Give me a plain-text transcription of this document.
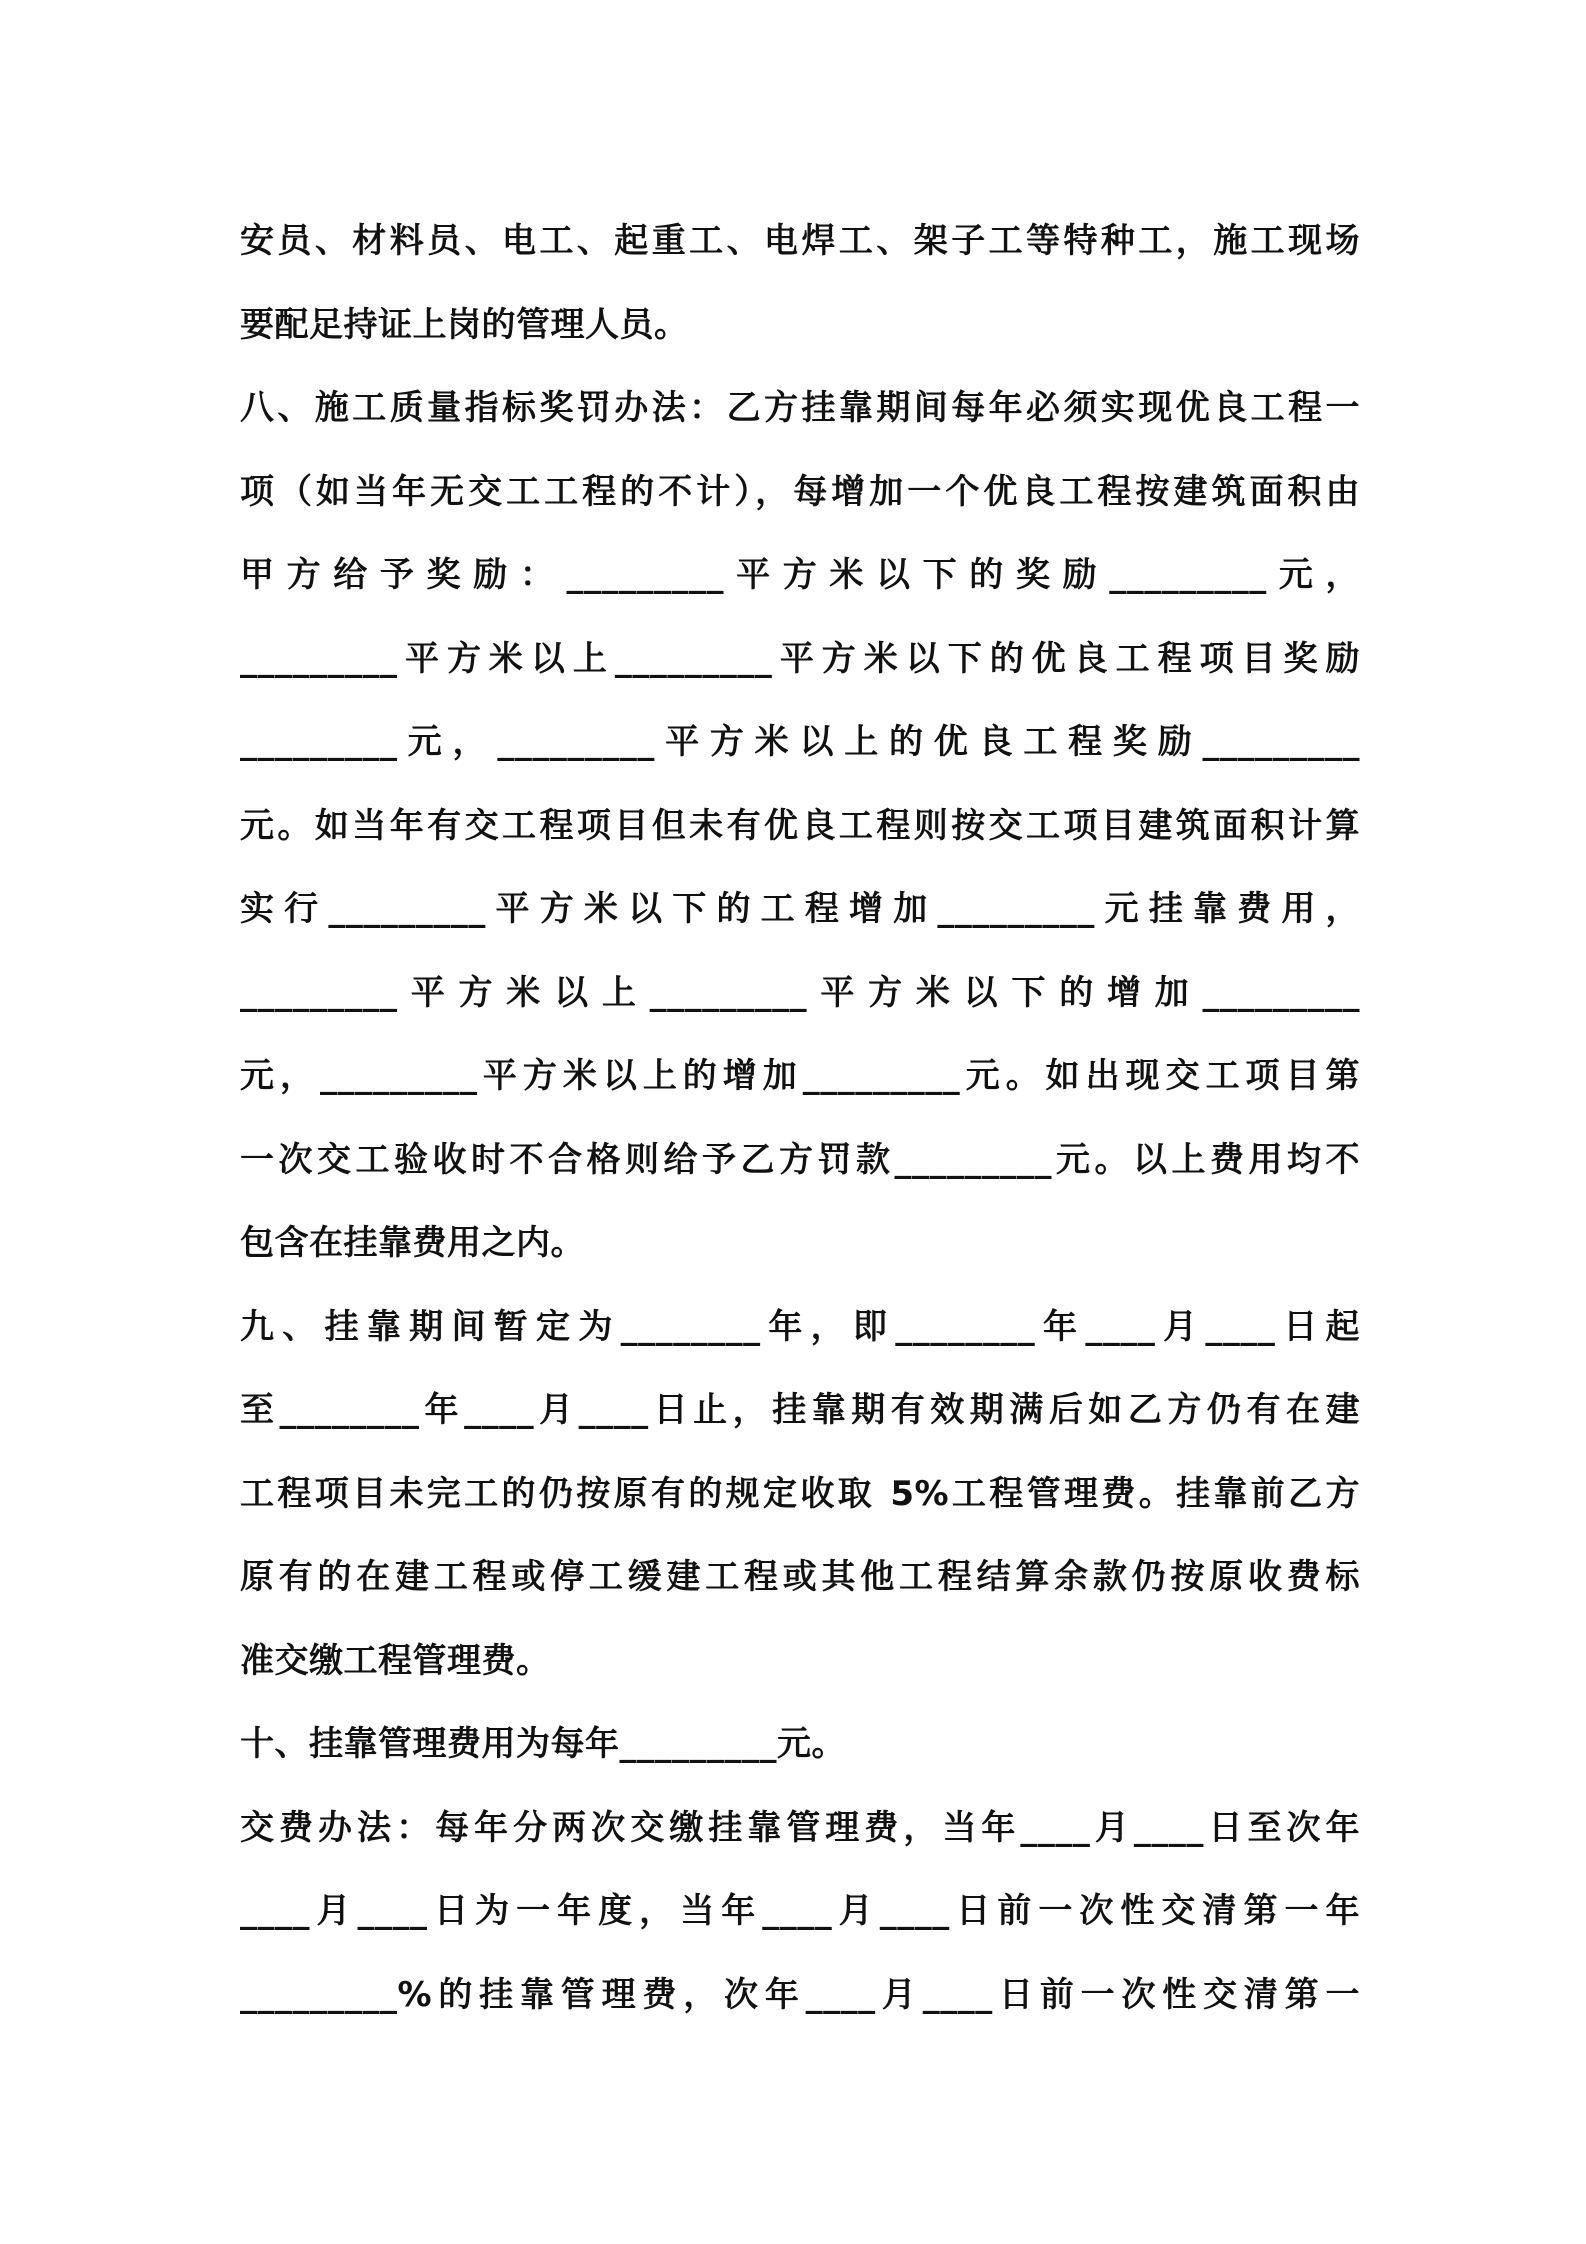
安员、材料员、电工、起重工、电焊工、架子工等特种工，施工现场
要配足持证上岗的管理人员。
八、施工质量指标奖罚办法：乙方挂靠期间每年必须实现优良工程一
项（如当年无交工工程的不计），每增加一个优良工程按建筑面积由
甲方给予奖励：_________平方米以下的奖励_________元，
_________平方米以上_________平方米以下的优良工程项目奖励
_________元，_________平方米以上的优良工程奖励_________
元。如当年有交工程项目但未有优良工程则按交工项目建筑面积计算
实行_________平方米以下的工程增加_________元挂靠费用，
_________平方米以上_________平方米以下的增加_________
元，_________平方米以上的增加_________元。如出现交工项目第
一次交工验收时不合格则给予乙方罚款_________元。以上费用均不
包含在挂靠费用之内。
九、挂靠期间暂定为________年，即________年____月____日起
至________年____月____日止，挂靠期有效期满后如乙方仍有在建
工程项目未完工的仍按原有的规定收取 5%工程管理费。挂靠前乙方
原有的在建工程或停工缓建工程或其他工程结算余款仍按原收费标
准交缴工程管理费。
十、挂靠管理费用为每年_________元。
交费办法：每年分两次交缴挂靠管理费，当年____月____日至次年
____月____日为一年度，当年____月____日前一次性交清第一年
_________%的挂靠管理费，次年____月____日前一次性交清第一
